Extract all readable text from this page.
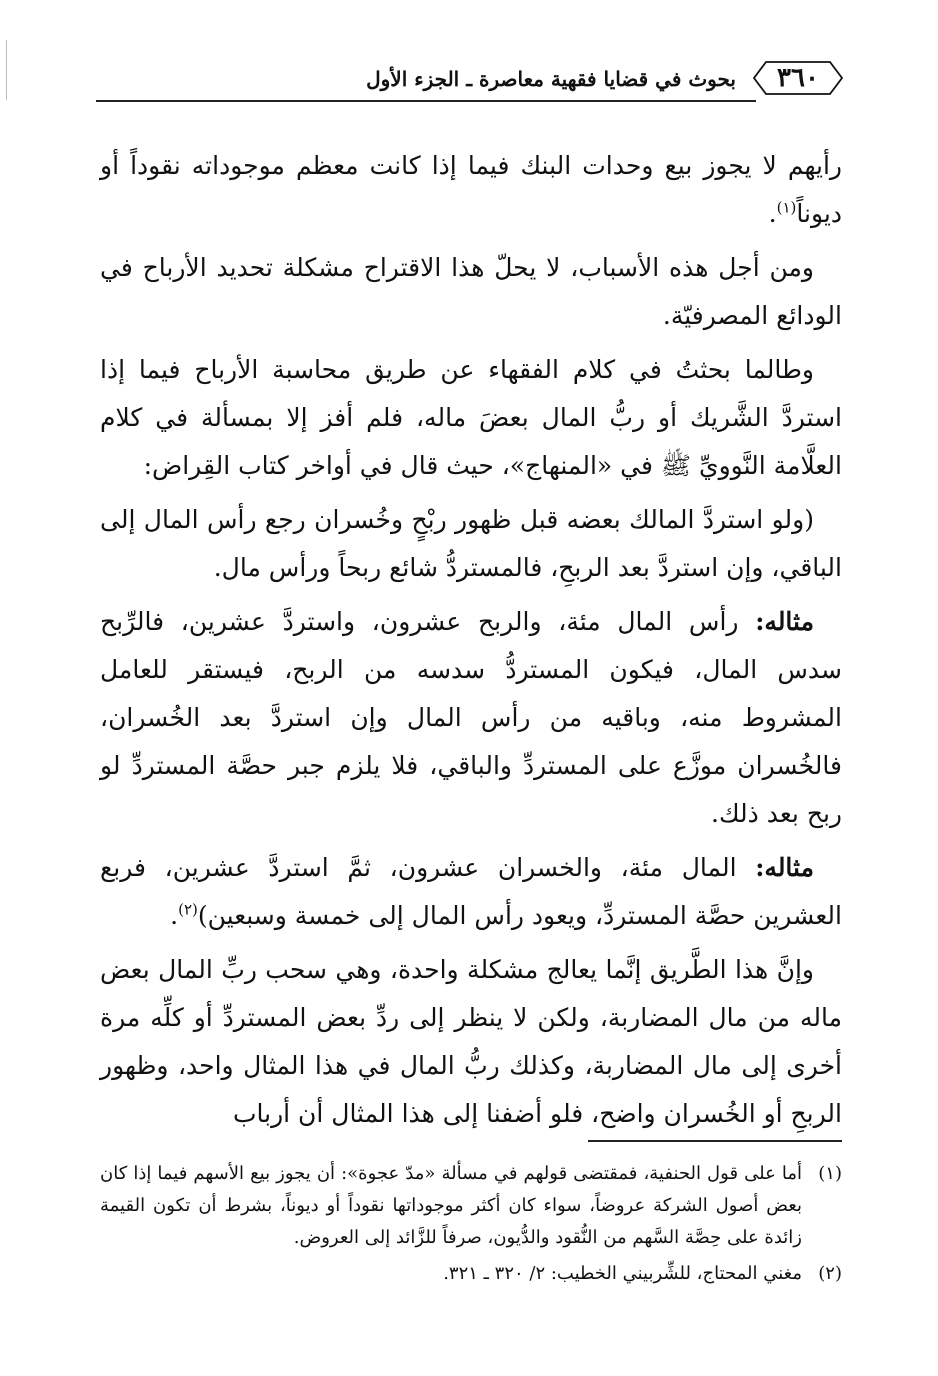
٣٦٠
بحوث في قضايا فقهية معاصرة ـ الجزء الأول

رأيهم لا يجوز بيع وحدات البنك فيما إذا كانت معظم موجوداته نقوداً أو ديوناً$^{(١)}$.

ومن أجل هذه الأسباب، لا يحلّ هذا الاقتراح مشكلة تحديد الأرباح في الودائع المصرفيّة.

وطالما بحثتُ في كلام الفقهاء عن طريق محاسبة الأرباح فيما إذا استردَّ الشَّريك أو ربُّ المال بعضَ ماله، فلم أفز إلا بمسألة في كلام العلَّامة النَّوويِّ ﷺ في «المنهاج»، حيث قال في أواخر كتاب القِراض:

(ولو استردَّ المالك بعضه قبل ظهور ربْحٍ وخُسران رجع رأس المال إلى الباقي، وإن استردَّ بعد الربحِ، فالمستردُّ شائع ربحاً ورأس مال.

مثاله: رأس المال مئة، والربح عشرون، واستردَّ عشرين، فالرِّبح سدس المال، فيكون المستردُّ سدسه من الربح، فيستقر للعامل المشروط منه، وباقيه من رأس المال وإن استردَّ بعد الخُسران، فالخُسران موزَّع على المستردِّ والباقي، فلا يلزم جبر حصَّة المستردِّ لو ربح بعد ذلك.

مثاله: المال مئة، والخسران عشرون، ثمَّ استردَّ عشرين، فربع العشرين حصَّة المستردِّ، ويعود رأس المال إلى خمسة وسبعين)$^{(٢)}$.

وإنَّ هذا الطَّريق إنَّما يعالج مشكلة واحدة، وهي سحب ربِّ المال بعض ماله من مال المضاربة، ولكن لا ينظر إلى ردِّ بعض المستردِّ أو كلِّه مرة أخرى إلى مال المضاربة، وكذلك ربُّ المال في هذا المثال واحد، وظهور الربحِ أو الخُسران واضح، فلو أضفنا إلى هذا المثال أن أرباب

(١)
أما على قول الحنفية، فمقتضى قولهم في مسألة «مدّ عجوة»: أن يجوز بيع الأسهم فيما إذا كان بعض أصول الشركة عروضاً، سواء كان أكثر موجوداتها نقوداً أو ديوناً، بشرط أن تكون القيمة زائدة على حِصَّة السَّهم من النُّقود والدُّيون، صرفاً للزَّائد إلى العروض.
(٢)
مغني المحتاج، للشِّربيني الخطيب: ٢/ ٣٢٠ ـ ٣٢١.
